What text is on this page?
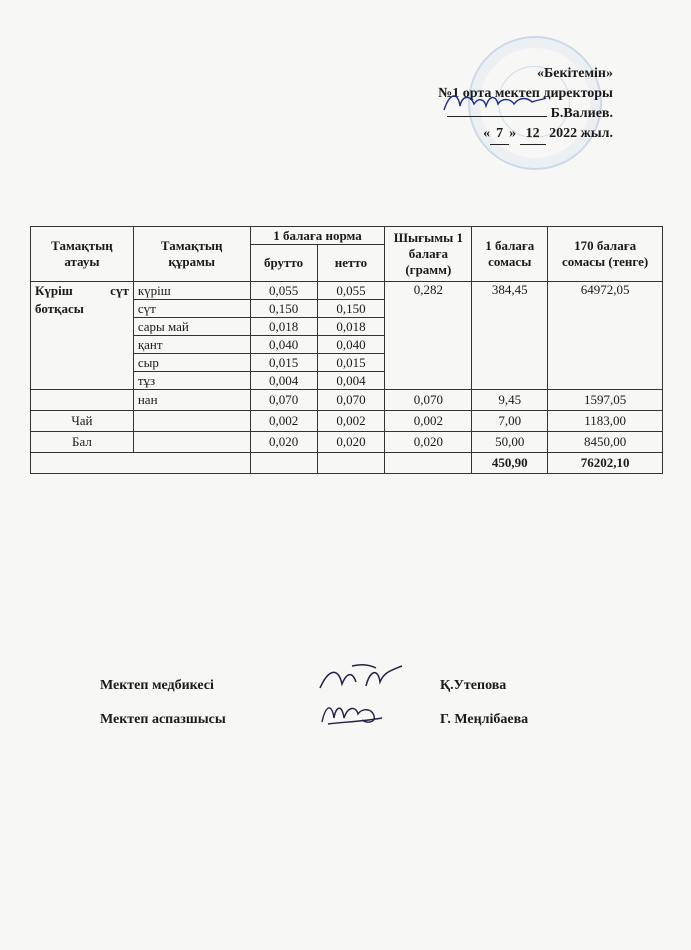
«Бекітемін»
№1 орта мектеп директоры
Б.Валиев.
« 7 » 12 2022 жыл.
Тамақтың атауы	Тамақтың құрамы	1 балаға норма		Шығымы 1 балаға (грамм)	1 балаға сомасы	170 балаға сомасы (тенге)
		брутто	нетто			
Күріш сүт ботқасы	күріш	0,055	0,055	0,282	384,45	64972,05
	сүт	0,150	0,150			
	сары май	0,018	0,018			
	қант	0,040	0,040			
	сыр	0,015	0,015			
	тұз	0,004	0,004			
	нан	0,070	0,070	0,070	9,45	1597,05
Чай		0,002	0,002	0,002	7,00	1183,00
Бал		0,020	0,020	0,020	50,00	8450,00
					450,90	76202,10
Мектеп медбикесі	Қ.Утепова
Мектеп аспазшысы	Г. Меңлібаева
